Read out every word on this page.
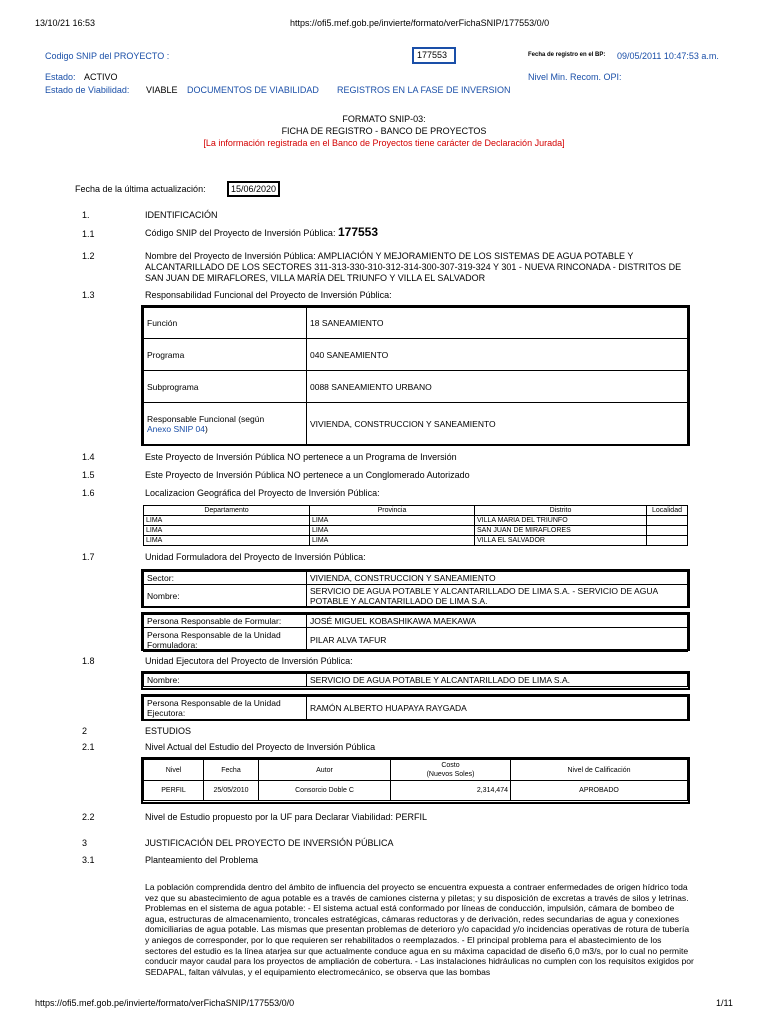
13/10/21 16:53	https://ofi5.mef.gob.pe/invierte/formato/verFichaSNIP/177553/0/0
Codigo SNIP del PROYECTO :	177553	Fecha de registro en el BP: 09/05/2011 10:47:53 a.m.
Estado: ACTIVO	Nivel Min. Recom. OPI:
Estado de Viabilidad: VIABLE DOCUMENTOS DE VIABILIDAD REGISTROS EN LA FASE DE INVERSION
FORMATO SNIP-03:
FICHA DE REGISTRO - BANCO DE PROYECTOS
[La información registrada en el Banco de Proyectos tiene carácter de Declaración Jurada]
Fecha de la última actualización:	15/06/2020
1.	IDENTIFICACIÓN
1.1	Código SNIP del Proyecto de Inversión Pública: 177553
1.2	Nombre del Proyecto de Inversión Pública: AMPLIACIÓN Y MEJORAMIENTO DE LOS SISTEMAS DE AGUA POTABLE Y ALCANTARILLADO DE LOS SECTORES 311-313-330-310-312-314-300-307-319-324 Y 301 - NUEVA RINCONADA - DISTRITOS DE SAN JUAN DE MIRAFLORES, VILLA MARÍA DEL TRIUNFO Y VILLA EL SALVADOR
1.3	Responsabilidad Funcional del Proyecto de Inversión Pública:
Función	18 SANEAMIENTO
Programa	040 SANEAMIENTO
Subprograma	0088 SANEAMIENTO URBANO
Responsable Funcional (según
Anexo SNIP 04)	VIVIENDA, CONSTRUCCION Y SANEAMIENTO
1.4	Este Proyecto de Inversión Pública NO pertenece a un Programa de Inversión
1.5	Este Proyecto de Inversión Pública NO pertenece a un Conglomerado Autorizado
1.6	Localizacion Geográfica del Proyecto de Inversión Pública:
Departamento	Provincia	Distrito	Localidad
LIMA	LIMA	VILLA MARIA DEL TRIUNFO	
LIMA	LIMA	SAN JUAN DE MIRAFLORES	
LIMA	LIMA	VILLA EL SALVADOR	
1.7	Unidad Formuladora del Proyecto de Inversión Pública:
Sector:	VIVIENDA, CONSTRUCCION Y SANEAMIENTO
Nombre:	SERVICIO DE AGUA POTABLE Y ALCANTARILLADO DE LIMA S.A. - SERVICIO DE AGUA POTABLE Y ALCANTARILLADO DE LIMA S.A.
Persona Responsable de Formular:	JOSÉ MIGUEL KOBASHIKAWA MAEKAWA
Persona Responsable de la Unidad Formuladora:	PILAR ALVA TAFUR
1.8	Unidad Ejecutora del Proyecto de Inversión Pública:
Nombre:	SERVICIO DE AGUA POTABLE Y ALCANTARILLADO DE LIMA S.A.
Persona Responsable de la Unidad Ejecutora:	RAMÓN ALBERTO HUAPAYA RAYGADA
2	ESTUDIOS
2.1	Nivel Actual del Estudio del Proyecto de Inversión Pública
Nivel	Fecha	Autor	Costo
(Nuevos Soles)	Nivel de Calificación
PERFIL	25/05/2010	Consorcio Doble C	2,314,474	APROBADO
2.2	Nivel de Estudio propuesto por la UF para Declarar Viabilidad: PERFIL
3	JUSTIFICACIÓN DEL PROYECTO DE INVERSIÓN PÚBLICA
3.1	Planteamiento del Problema
La población comprendida dentro del ámbito de influencia del proyecto se encuentra expuesta a contraer enfermedades de origen hídrico toda vez que su abastecimiento de agua potable es a través de camiones cisterna y piletas; y su disposición de excretas a través de silos y letrinas. Problemas en el sistema de agua potable: - El sistema actual está conformado por líneas de conducción, impulsión, cámara de bombeo de agua, estructuras de almacenamiento, troncales estratégicas, cámaras reductoras y de derivación, redes secundarias de agua y conexiones domiciliarias de agua potable. Las mismas que presentan problemas de deterioro y/o capacidad y/o incidencias operativas de rotura de tubería y aniegos de corresponder, por lo que requieren ser rehabilitados o reemplazados. - El principal problema para el abastecimiento de los sectores del estudio es la línea atarjea sur que actualmente conduce agua en su máxima capacidad de diseño 6,0 m3/s, por lo cual no permite conducir mayor caudal para los proyectos de ampliación de cobertura. - Las instalaciones hidráulicas no cumplen con los requisitos exigidos por SEDAPAL, faltan válvulas, y el equipamiento electromecánico, se observa que las bombas
https://ofi5.mef.gob.pe/invierte/formato/verFichaSNIP/177553/0/0	1/11
